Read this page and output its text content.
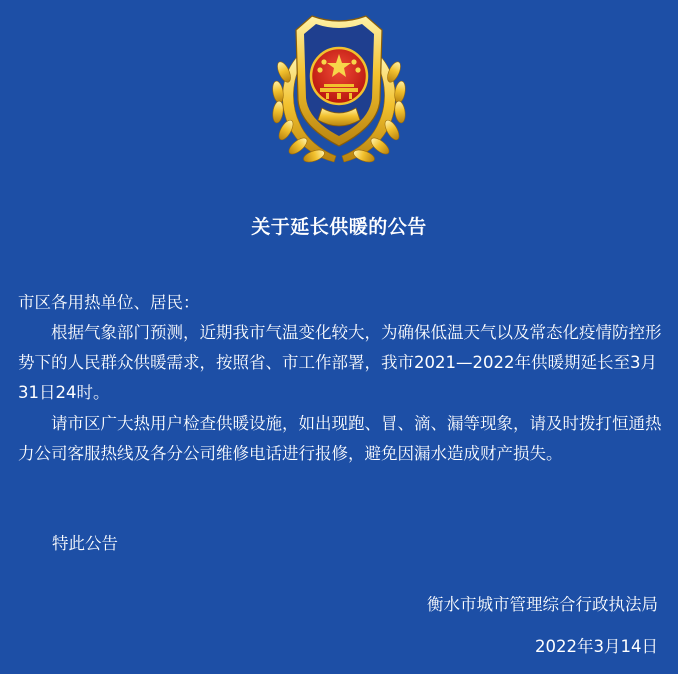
关于延长供暖的公告
市区各用热单位、居民：
根据气象部门预测，近期我市气温变化较大，为确保低温天气以及常态化疫情防控形势下的人民群众供暖需求，按照省、市工作部署，我市2021—2022年供暖期延长至3月31日24时。
请市区广大热用户检查供暖设施，如出现跑、冒、滴、漏等现象，请及时拨打恒通热力公司客服热线及各分公司维修电话进行报修，避免因漏水造成财产损失。
特此公告
衡水市城市管理综合行政执法局
2022年3月14日
